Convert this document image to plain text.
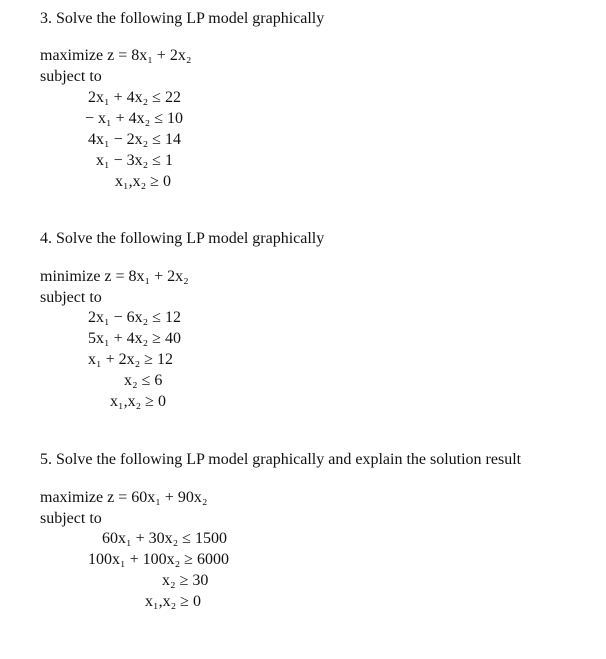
3. Solve the following LP model graphically
maximize z = 8x₁ + 2x₂
subject to
2x₁ + 4x₂ ≤ 22
− x₁ + 4x₂ ≤ 10
4x₁ − 2x₂ ≤ 14
x₁ − 3x₂ ≤ 1
x₁,x₂ ≥ 0
4. Solve the following LP model graphically
minimize z = 8x₁ + 2x₂
subject to
2x₁ − 6x₂ ≤ 12
5x₁ + 4x₂ ≥ 40
x₁ + 2x₂ ≥ 12
x₂ ≤ 6
x₁,x₂ ≥ 0
5. Solve the following LP model graphically and explain the solution result
maximize z = 60x₁ + 90x₂
subject to
60x₁ + 30x₂ ≤ 1500
100x₁ + 100x₂ ≥ 6000
x₂ ≥ 30
x₁,x₂ ≥ 0
